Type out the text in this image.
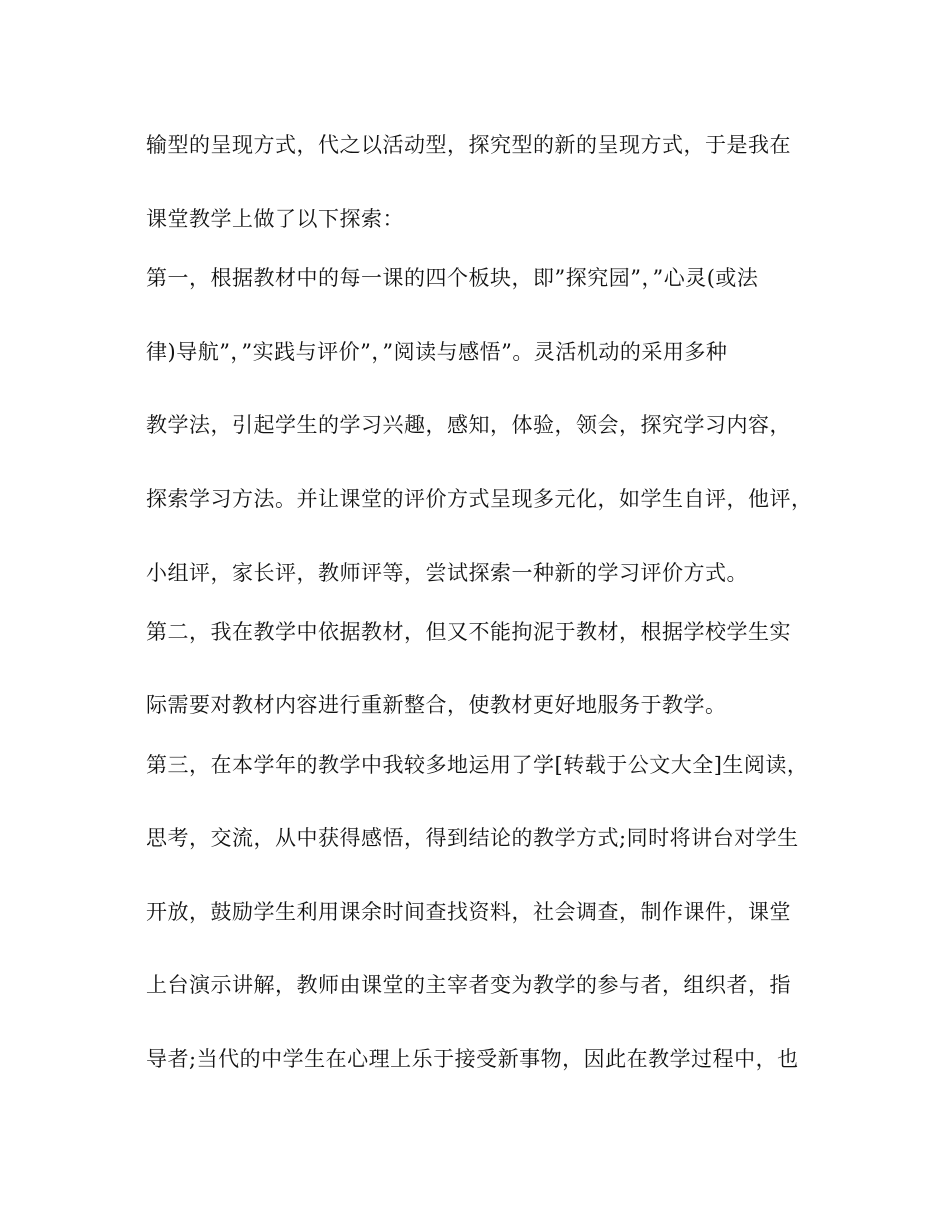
输型的呈现方式，代之以活动型，探究型的新的呈现方式，于是我在
课堂教学上做了以下探索：
第一，根据教材中的每一课的四个板块，即”探究园”，”心灵(或法
律)导航”，”实践与评价”，”阅读与感悟”。灵活机动的采用多种
教学法，引起学生的学习兴趣，感知，体验，领会，探究学习内容，
探索学习方法。并让课堂的评价方式呈现多元化，如学生自评，他评，
小组评，家长评，教师评等，尝试探索一种新的学习评价方式。
第二，我在教学中依据教材，但又不能拘泥于教材，根据学校学生实
际需要对教材内容进行重新整合，使教材更好地服务于教学。
第三，在本学年的教学中我较多地运用了学[转载于公文大全]生阅读，
思考，交流，从中获得感悟，得到结论的教学方式;同时将讲台对学生
开放，鼓励学生利用课余时间查找资料，社会调查，制作课件，课堂
上台演示讲解，教师由课堂的主宰者变为教学的参与者，组织者，指
导者;当代的中学生在心理上乐于接受新事物，因此在教学过程中，也
